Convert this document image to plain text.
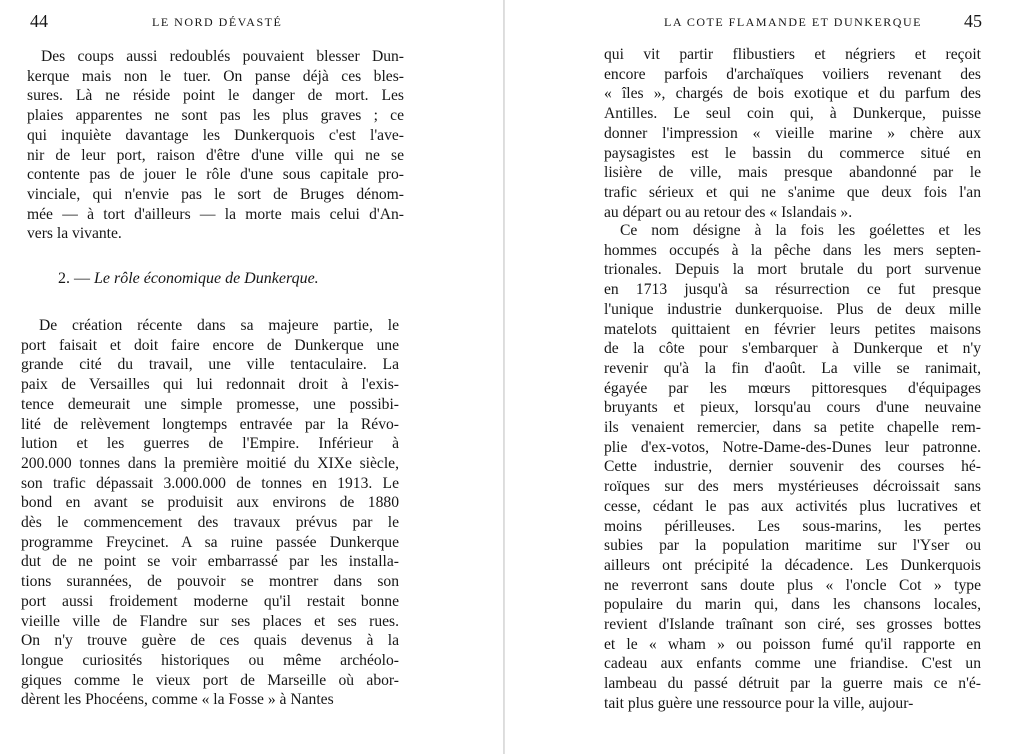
44	LE NORD DÉVASTÉ
Des coups aussi redoublés pouvaient blesser Dun-
kerque mais non le tuer. On panse déjà ces bles-
sures. Là ne réside point le danger de mort. Les
plaies apparentes ne sont pas les plus graves ; ce
qui inquiète davantage les Dunkerquois c'est l'ave-
nir de leur port, raison d'être d'une ville qui ne se
contente pas de jouer le rôle d'une sous capitale pro-
vinciale, qui n'envie pas le sort de Bruges dénom-
mée — à tort d'ailleurs — la morte mais celui d'An-
vers la vivante.
2. — Le rôle économique de Dunkerque.
De création récente dans sa majeure partie, le
port faisait et doit faire encore de Dunkerque une
grande cité du travail, une ville tentaculaire. La
paix de Versailles qui lui redonnait droit à l'exis-
tence demeurait une simple promesse, une possibi-
lité de relèvement longtemps entravée par la Révo-
lution et les guerres de l'Empire. Inférieur à
200.000 tonnes dans la première moitié du XIXe siècle,
son trafic dépassait 3.000.000 de tonnes en 1913. Le
bond en avant se produisit aux environs de 1880
dès le commencement des travaux prévus par le
programme Freycinet. A sa ruine passée Dunkerque
dut de ne point se voir embarrassé par les installa-
tions surannées, de pouvoir se montrer dans son
port aussi froidement moderne qu'il restait bonne
vieille ville de Flandre sur ses places et ses rues.
On n'y trouve guère de ces quais devenus à la
longue curiosités historiques ou même archéolo-
giques comme le vieux port de Marseille où abor-
dèrent les Phocéens, comme « la Fosse » à Nantes
LA COTE FLAMANDE ET DUNKERQUE 45
qui vit partir flibustiers et négriers et reçoit
encore parfois d'archaïques voiliers revenant des
« îles », chargés de bois exotique et du parfum des
Antilles. Le seul coin qui, à Dunkerque, puisse
donner l'impression « vieille marine » chère aux
paysagistes est le bassin du commerce situé en
lisière de ville, mais presque abandonné par le
trafic sérieux et qui ne s'anime que deux fois l'an
au départ ou au retour des « Islandais ».
Ce nom désigne à la fois les goélettes et les
hommes occupés à la pêche dans les mers septen-
trionales. Depuis la mort brutale du port survenue
en 1713 jusqu'à sa résurrection ce fut presque
l'unique industrie dunkerquoise. Plus de deux mille
matelots quittaient en février leurs petites maisons
de la côte pour s'embarquer à Dunkerque et n'y
revenir qu'à la fin d'août. La ville se ranimait,
égayée par les mœurs pittoresques d'équipages
bruyants et pieux, lorsqu'au cours d'une neuvaine
ils venaient remercier, dans sa petite chapelle rem-
plie d'ex-votos, Notre-Dame-des-Dunes leur patronne.
Cette industrie, dernier souvenir des courses hé-
roïques sur des mers mystérieuses décroissait sans
cesse, cédant le pas aux activités plus lucratives et
moins périlleuses. Les sous-marins, les pertes
subies par la population maritime sur l'Yser ou
ailleurs ont précipité la décadence. Les Dunkerquois
ne reverront sans doute plus « l'oncle Cot » type
populaire du marin qui, dans les chansons locales,
revient d'Islande traînant son ciré, ses grosses bottes
et le « wham » ou poisson fumé qu'il rapporte en
cadeau aux enfants comme une friandise. C'est un
lambeau du passé détruit par la guerre mais ce n'é-
tait plus guère une ressource pour la ville, aujour-
